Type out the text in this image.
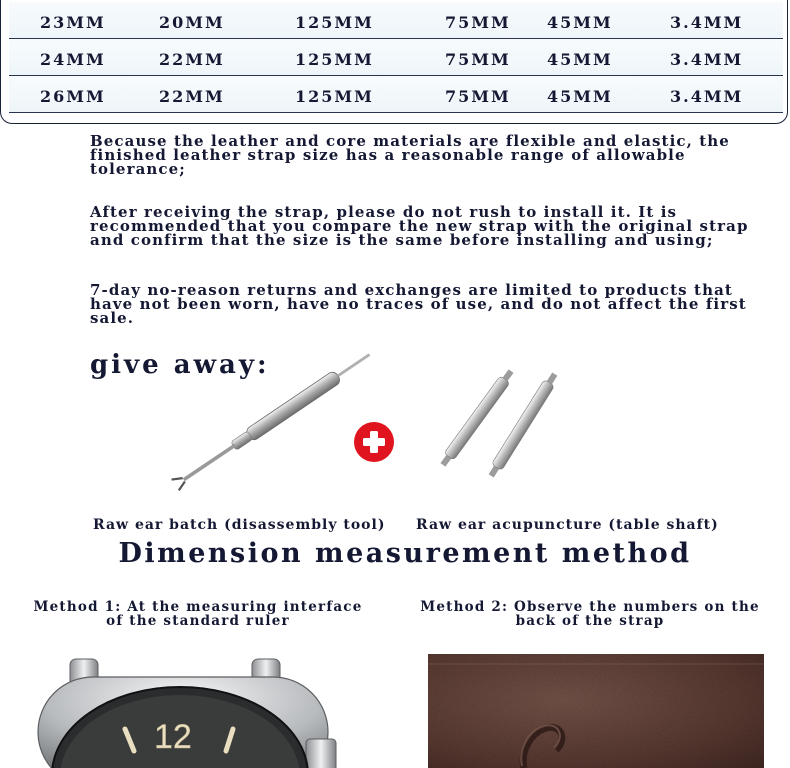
23MM	20MM	125MM	75MM 45MM	3.4MM
24MM	22MM	125MM	75MM 45MM	3.4MM
26MM	22MM	125MM	75MM 45MM	3.4MM
Because the leather and core materials are flexible and elastic, the finished leather strap size has a reasonable range of allowable tolerance;
After receiving the strap, please do not rush to install it. It is recommended that you compare the new strap with the original strap and confirm that the size is the same before installing and using;
7-day no-reason returns and exchanges are limited to products that have not been worn, have no traces of use, and do not affect the first sale.
give away:
Raw ear batch (disassembly tool) Raw ear acupuncture (table shaft)
Dimension measurement method
Method 1: At the measuring interface of the standard ruler
Method 2: Observe the numbers on the back of the strap
12
